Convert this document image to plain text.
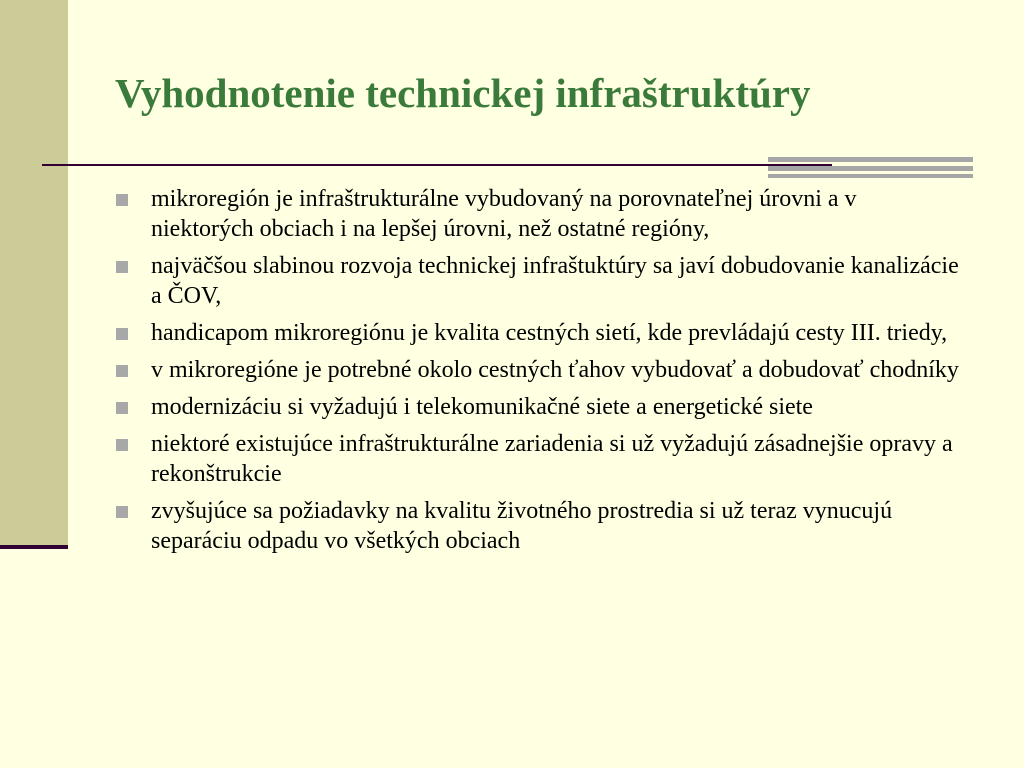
Vyhodnotenie technickej infraštruktúry
mikroregión je infraštrukturálne vybudovaný na porovnateľnej úrovni a v niektorých obciach i na lepšej úrovni, než ostatné regióny,
najväčšou slabinou rozvoja technickej infraštuktúry sa javí dobudovanie kanalizácie a ČOV,
handicapom mikroregiónu je kvalita cestných sietí, kde prevládajú cesty III. triedy,
v mikroregióne je potrebné okolo cestných ťahov vybudovať a dobudovať chodníky
modernizáciu si vyžadujú i telekomunikačné siete a energetické siete
niektoré existujúce infraštrukturálne zariadenia si už vyžadujú zásadnejšie opravy a rekonštrukcie
zvyšujúce sa požiadavky na kvalitu životného prostredia si už teraz vynucujú separáciu odpadu vo všetkých obciach
